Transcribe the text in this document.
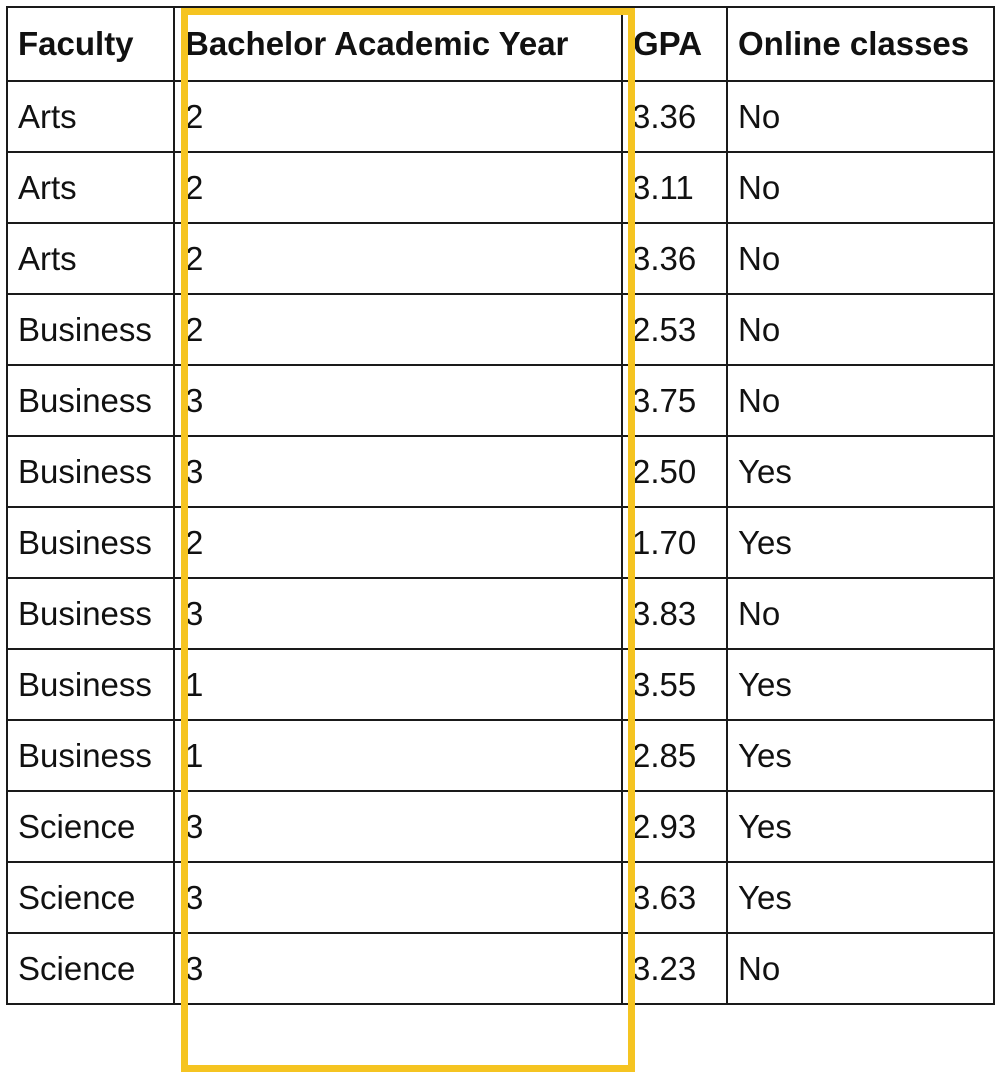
Faculty	Bachelor Academic Year	GPA	Online classes
Arts	2	3.36	No
Arts	2	3.11	No
Arts	2	3.36	No
Business	2	2.53	No
Business	3	3.75	No
Business	3	2.50	Yes
Business	2	1.70	Yes
Business	3	3.83	No
Business	1	3.55	Yes
Business	1	2.85	Yes
Science	3	2.93	Yes
Science	3	3.63	Yes
Science	3	3.23	No
